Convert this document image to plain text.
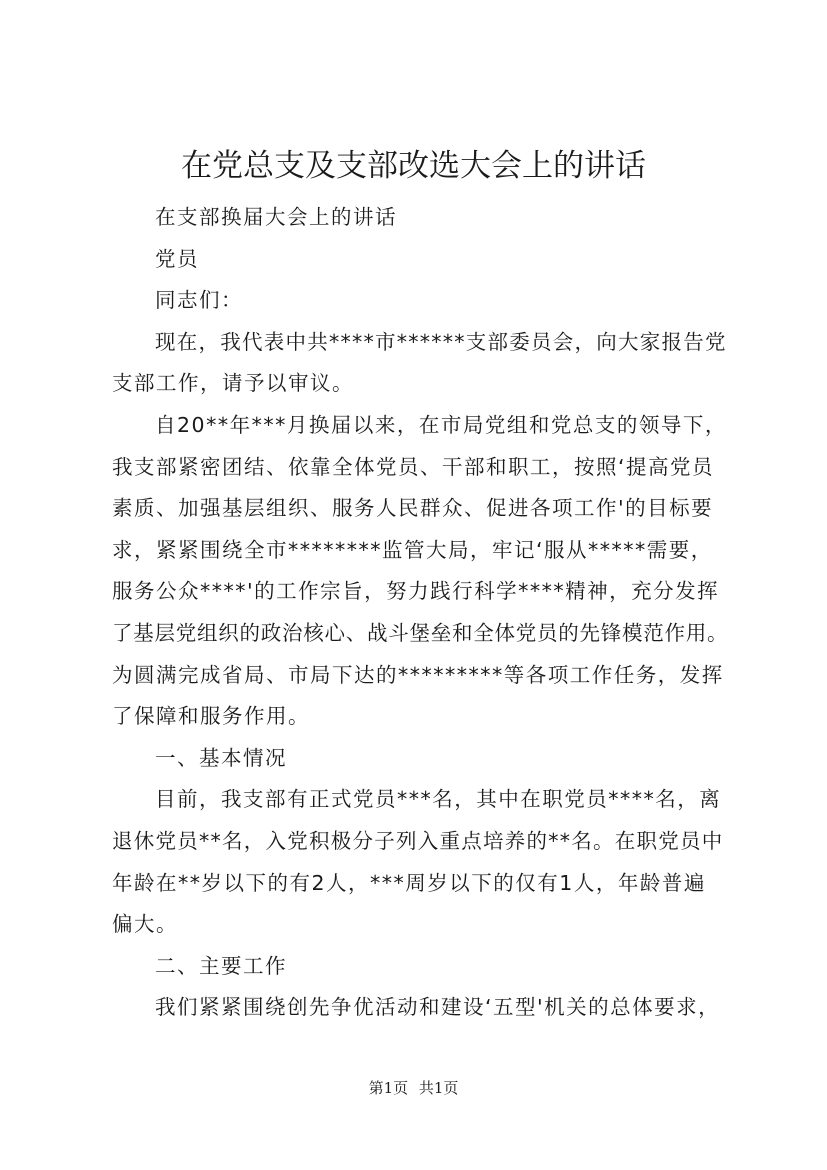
在党总支及支部改选大会上的讲话
在支部换届大会上的讲话
党员
同志们：
现在，我代表中共****市******支部委员会，向大家报告党
支部工作，请予以审议。
自20**年***月换届以来，在市局党组和党总支的领导下，
我支部紧密团结、依靠全体党员、干部和职工，按照‘提高党员
素质、加强基层组织、服务人民群众、促进各项工作'的目标要
求，紧紧围绕全市********监管大局，牢记‘服从*****需要，
服务公众****'的工作宗旨，努力践行科学****精神，充分发挥
了基层党组织的政治核心、战斗堡垒和全体党员的先锋模范作用。
为圆满完成省局、市局下达的*********等各项工作任务，发挥
了保障和服务作用。
一、基本情况
目前，我支部有正式党员***名，其中在职党员****名，离
退休党员**名，入党积极分子列入重点培养的**名。在职党员中
年龄在**岁以下的有2人，***周岁以下的仅有1人，年龄普遍
偏大。
二、主要工作
我们紧紧围绕创先争优活动和建设‘五型'机关的总体要求，
第1页 共1页
